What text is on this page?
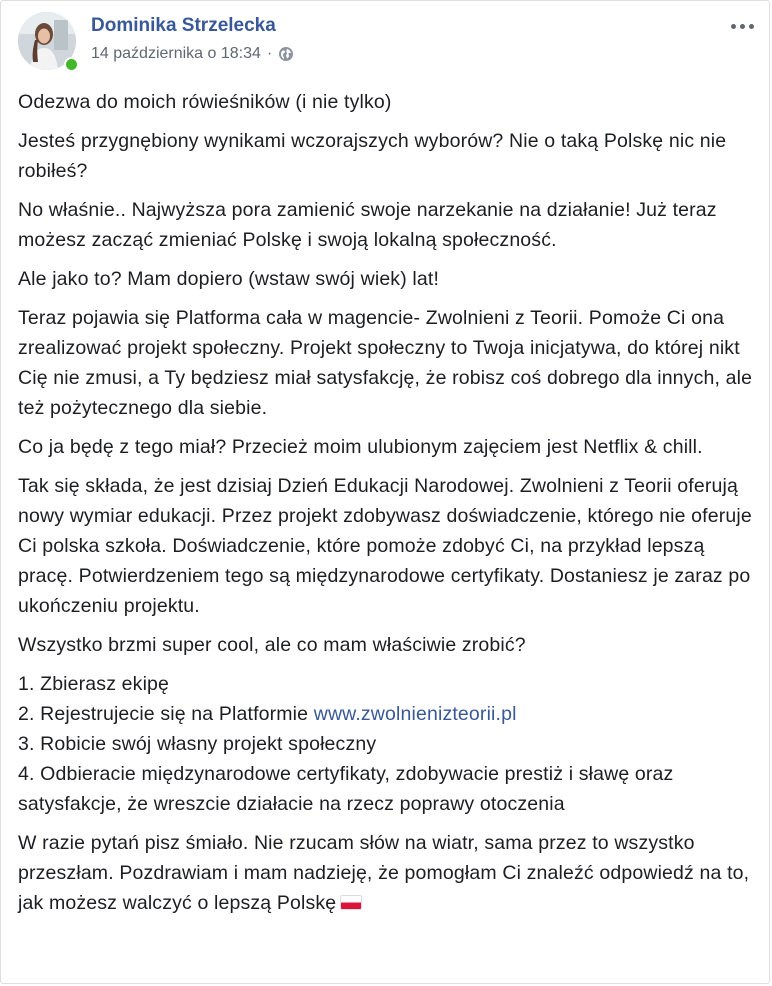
Dominika Strzelecka
14 października o 18:34 ·

Odezwa do moich rówieśników (i nie tylko)

Jesteś przygnębiony wynikami wczorajszych wyborów? Nie o taką Polskę nic nie robiłeś?

No właśnie.. Najwyższa pora zamienić swoje narzekanie na działanie! Już teraz możesz zacząć zmieniać Polskę i swoją lokalną społeczność.

Ale jako to? Mam dopiero (wstaw swój wiek) lat!

Teraz pojawia się Platforma cała w magencie- Zwolnieni z Teorii. Pomoże Ci ona zrealizować projekt społeczny. Projekt społeczny to Twoja inicjatywa, do której nikt Cię nie zmusi, a Ty będziesz miał satysfakcję, że robisz coś dobrego dla innych, ale też pożytecznego dla siebie.

Co ja będę z tego miał? Przecież moim ulubionym zajęciem jest Netflix & chill.

Tak się składa, że jest dzisiaj Dzień Edukacji Narodowej. Zwolnieni z Teorii oferują nowy wymiar edukacji. Przez projekt zdobywasz doświadczenie, którego nie oferuje Ci polska szkoła. Doświadczenie, które pomoże zdobyć Ci, na przykład lepszą pracę. Potwierdzeniem tego są międzynarodowe certyfikaty. Dostaniesz je zaraz po ukończeniu projektu.

Wszystko brzmi super cool, ale co mam właściwie zrobić?

1. Zbierasz ekipę

2. Rejestrujecie się na Platformie www.zwolnienizteorii.pl

3. Robicie swój własny projekt społeczny

4. Odbieracie międzynarodowe certyfikaty, zdobywacie prestiż i sławę oraz satysfakcje, że wreszcie działacie na rzecz poprawy otoczenia

W razie pytań pisz śmiało. Nie rzucam słów na wiatr, sama przez to wszystko przeszłam. Pozdrawiam i mam nadzieję, że pomogłam Ci znaleźć odpowiedź na to, jak możesz walczyć o lepszą Polskę
